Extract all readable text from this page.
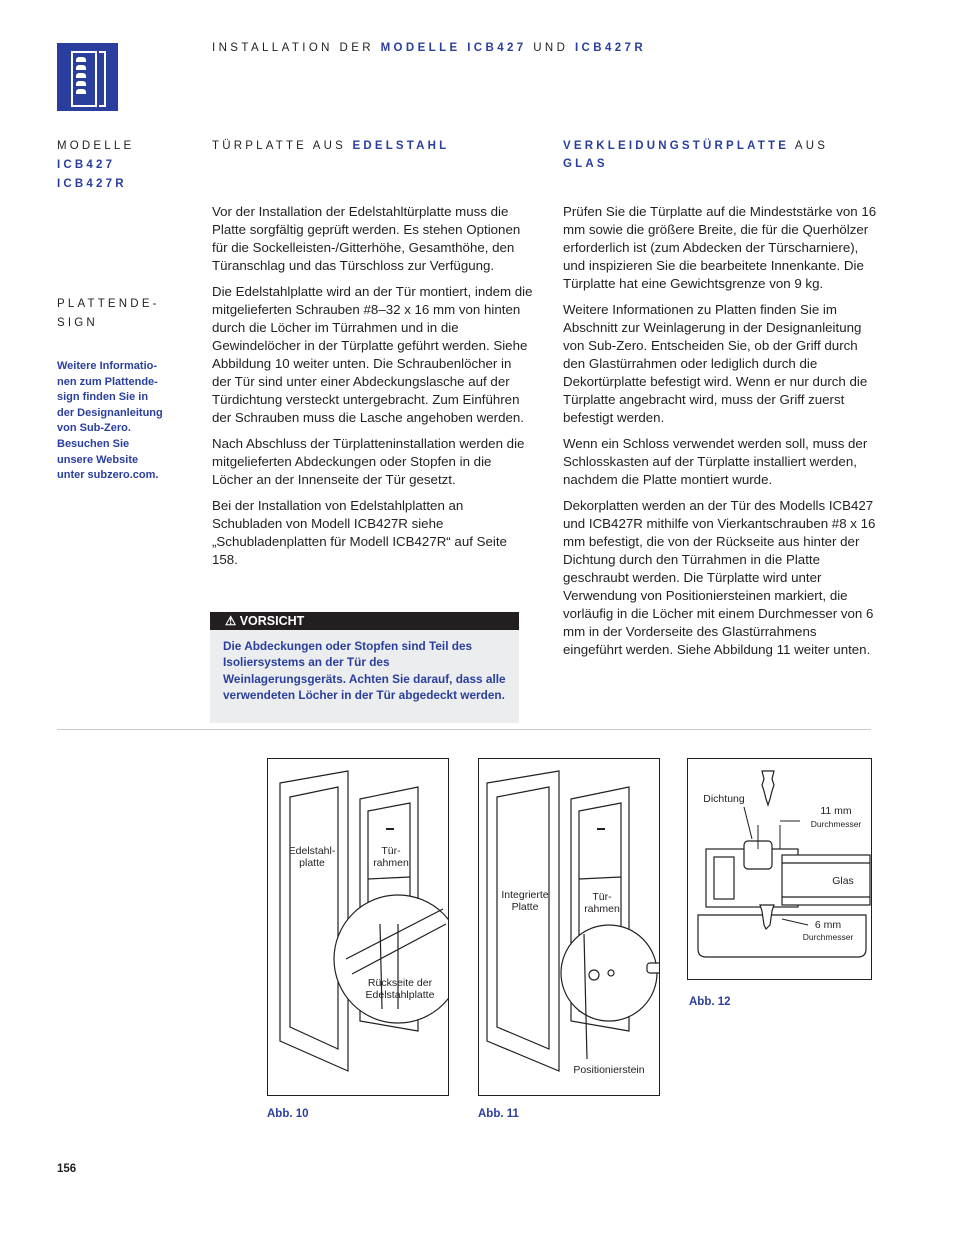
INSTALLATION DER MODELLE ICB427 UND ICB427R
MODELLE
ICB427
ICB427R
PLATTENDE-
SIGN
Weitere Informatio-
nen zum Plattende-
sign finden Sie in
der Designanleitung
von Sub-Zero.
Besuchen Sie
unsere Website
unter subzero.com.
TÜRPLATTE AUS EDELSTAHL

Vor der Installation der Edelstahltürplatte muss die Platte sorgfältig geprüft werden. Es stehen Optionen für die Sockelleisten-/Gitterhöhe, Gesamthöhe, den Türanschlag und das Türschloss zur Verfügung.

Die Edelstahlplatte wird an der Tür montiert, indem die mitgelieferten Schrauben #8–32 x 16 mm von hinten durch die Löcher im Türrahmen und in die Gewindelöcher in der Türplatte geführt werden. Siehe Abbildung 10 weiter unten. Die Schraubenlöcher in der Tür sind unter einer Abdeckungslasche auf der Türdichtung versteckt untergebracht. Zum Einführen der Schrauben muss die Lasche angehoben werden.

Nach Abschluss der Türplatteninstallation werden die mitgelieferten Abdeckungen oder Stopfen in die Löcher an der Innenseite der Tür gesetzt.

Bei der Installation von Edelstahlplatten an Schubladen von Modell ICB427R siehe „Schubladenplatten für Modell ICB427R“ auf Seite 158.

⚠ VORSICHT
Die Abdeckungen oder Stopfen sind Teil des Isoliersystems an der Tür des Weinlagerungsgeräts. Achten Sie darauf, dass alle verwendeten Löcher in der Tür abgedeckt werden.
VERKLEIDUNGSTÜRPLATTE AUS
GLAS

Prüfen Sie die Türplatte auf die Mindeststärke von 16 mm sowie die größere Breite, die für die Querhölzer erforderlich ist (zum Abdecken der Türscharniere), und inspizieren Sie die bearbeitete Innenkante. Die Türplatte hat eine Gewichtsgrenze von 9 kg.

Weitere Informationen zu Platten finden Sie im Abschnitt zur Weinlagerung in der Designanleitung von Sub-Zero. Entscheiden Sie, ob der Griff durch den Glastürrahmen oder lediglich durch die Dekortürplatte befestigt wird. Wenn er nur durch die Türplatte angebracht wird, muss der Griff zuerst befestigt werden.

Wenn ein Schloss verwendet werden soll, muss der Schlosskasten auf der Türplatte installiert werden, nachdem die Platte montiert wurde.

Dekorplatten werden an der Tür des Modells ICB427 und ICB427R mithilfe von Vierkantschrauben #8 x 16 mm befestigt, die von der Rückseite aus hinter der Dichtung durch den Türrahmen in die Platte geschraubt werden. Die Türplatte wird unter Verwendung von Positioniersteinen markiert, die vorläufig in die Löcher mit einem Durchmesser von 6 mm in der Vorderseite des Glastürrahmens eingeführt werden. Siehe Abbildung 11 weiter unten.

Edelstahl-
platte
Tür-
rahmen
Rückseite der
Edelstahlplatte
Abb. 10
Integrierte
Platte
Tür-
rahmen
Positionierstein
Abb. 11
Dichtung
11 mm
Durchmesser
Glas
6 mm
Durchmesser
Abb. 12
156
